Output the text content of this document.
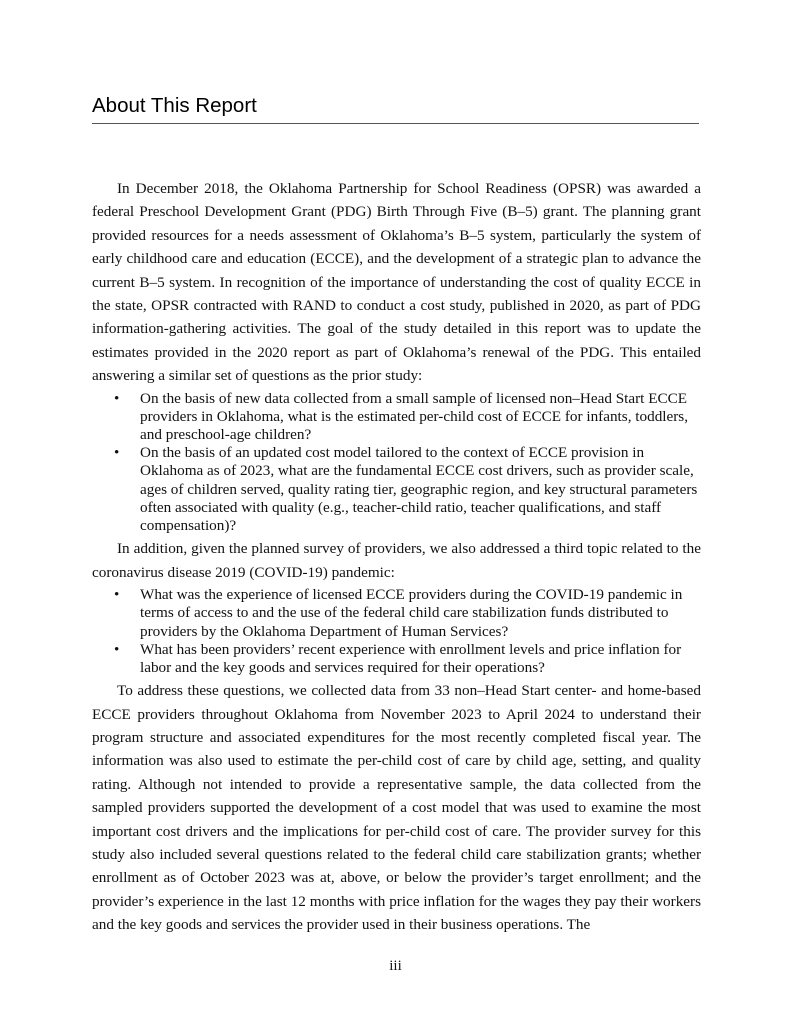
About This Report

In December 2018, the Oklahoma Partnership for School Readiness (OPSR) was awarded a federal Preschool Development Grant (PDG) Birth Through Five (B–5) grant. The planning grant provided resources for a needs assessment of Oklahoma’s B–5 system, particularly the system of early childhood care and education (ECCE), and the development of a strategic plan to advance the current B–5 system. In recognition of the importance of understanding the cost of quality ECCE in the state, OPSR contracted with RAND to conduct a cost study, published in 2020, as part of PDG information-gathering activities. The goal of the study detailed in this report was to update the estimates provided in the 2020 report as part of Oklahoma’s renewal of the PDG. This entailed answering a similar set of questions as the prior study:

• On the basis of new data collected from a small sample of licensed non–Head Start ECCE providers in Oklahoma, what is the estimated per-child cost of ECCE for infants, toddlers, and preschool-age children?
• On the basis of an updated cost model tailored to the context of ECCE provision in Oklahoma as of 2023, what are the fundamental ECCE cost drivers, such as provider scale, ages of children served, quality rating tier, geographic region, and key structural parameters often associated with quality (e.g., teacher-child ratio, teacher qualifications, and staff compensation)?

In addition, given the planned survey of providers, we also addressed a third topic related to the coronavirus disease 2019 (COVID-19) pandemic:

• What was the experience of licensed ECCE providers during the COVID-19 pandemic in terms of access to and the use of the federal child care stabilization funds distributed to providers by the Oklahoma Department of Human Services?
• What has been providers’ recent experience with enrollment levels and price inflation for labor and the key goods and services required for their operations?

To address these questions, we collected data from 33 non–Head Start center- and home-based ECCE providers throughout Oklahoma from November 2023 to April 2024 to understand their program structure and associated expenditures for the most recently completed fiscal year. The information was also used to estimate the per-child cost of care by child age, setting, and quality rating. Although not intended to provide a representative sample, the data collected from the sampled providers supported the development of a cost model that was used to examine the most important cost drivers and the implications for per-child cost of care. The provider survey for this study also included several questions related to the federal child care stabilization grants; whether enrollment as of October 2023 was at, above, or below the provider’s target enrollment; and the provider’s experience in the last 12 months with price inflation for the wages they pay their workers and the key goods and services the provider used in their business operations. The

iii
